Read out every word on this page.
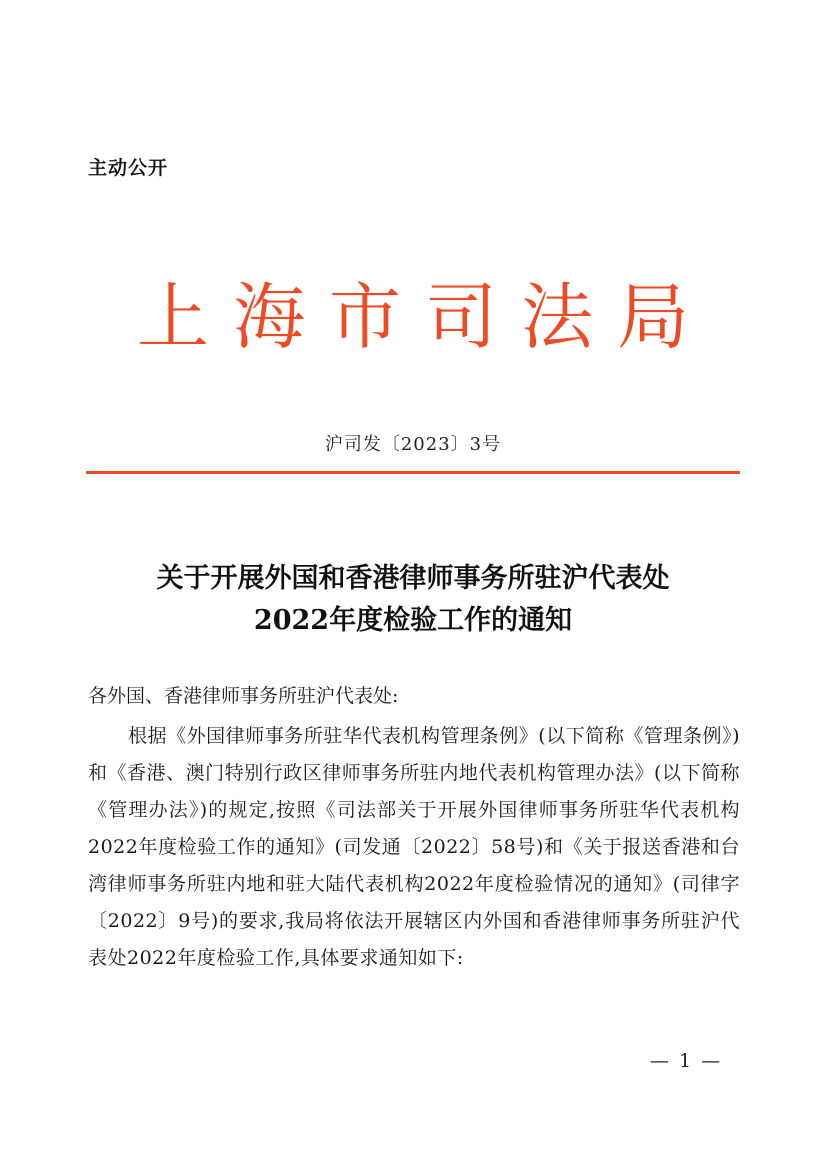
主动公开
上海市司法局
沪司发〔2023〕3号
关于开展外国和香港律师事务所驻沪代表处
2022年度检验工作的通知

各外国、香港律师事务所驻沪代表处:

根据《外国律师事务所驻华代表机构管理条例》(以下简称《管理条例》)和《香港、澳门特别行政区律师事务所驻内地代表机构管理办法》(以下简称《管理办法》)的规定,按照《司法部关于开展外国律师事务所驻华代表机构2022年度检验工作的通知》(司发通〔2022〕58号)和《关于报送香港和台湾律师事务所驻内地和驻大陆代表机构2022年度检验情况的通知》(司律字〔2022〕9号)的要求,我局将依法开展辖区内外国和香港律师事务所驻沪代表处2022年度检验工作,具体要求通知如下:

— 1 —
